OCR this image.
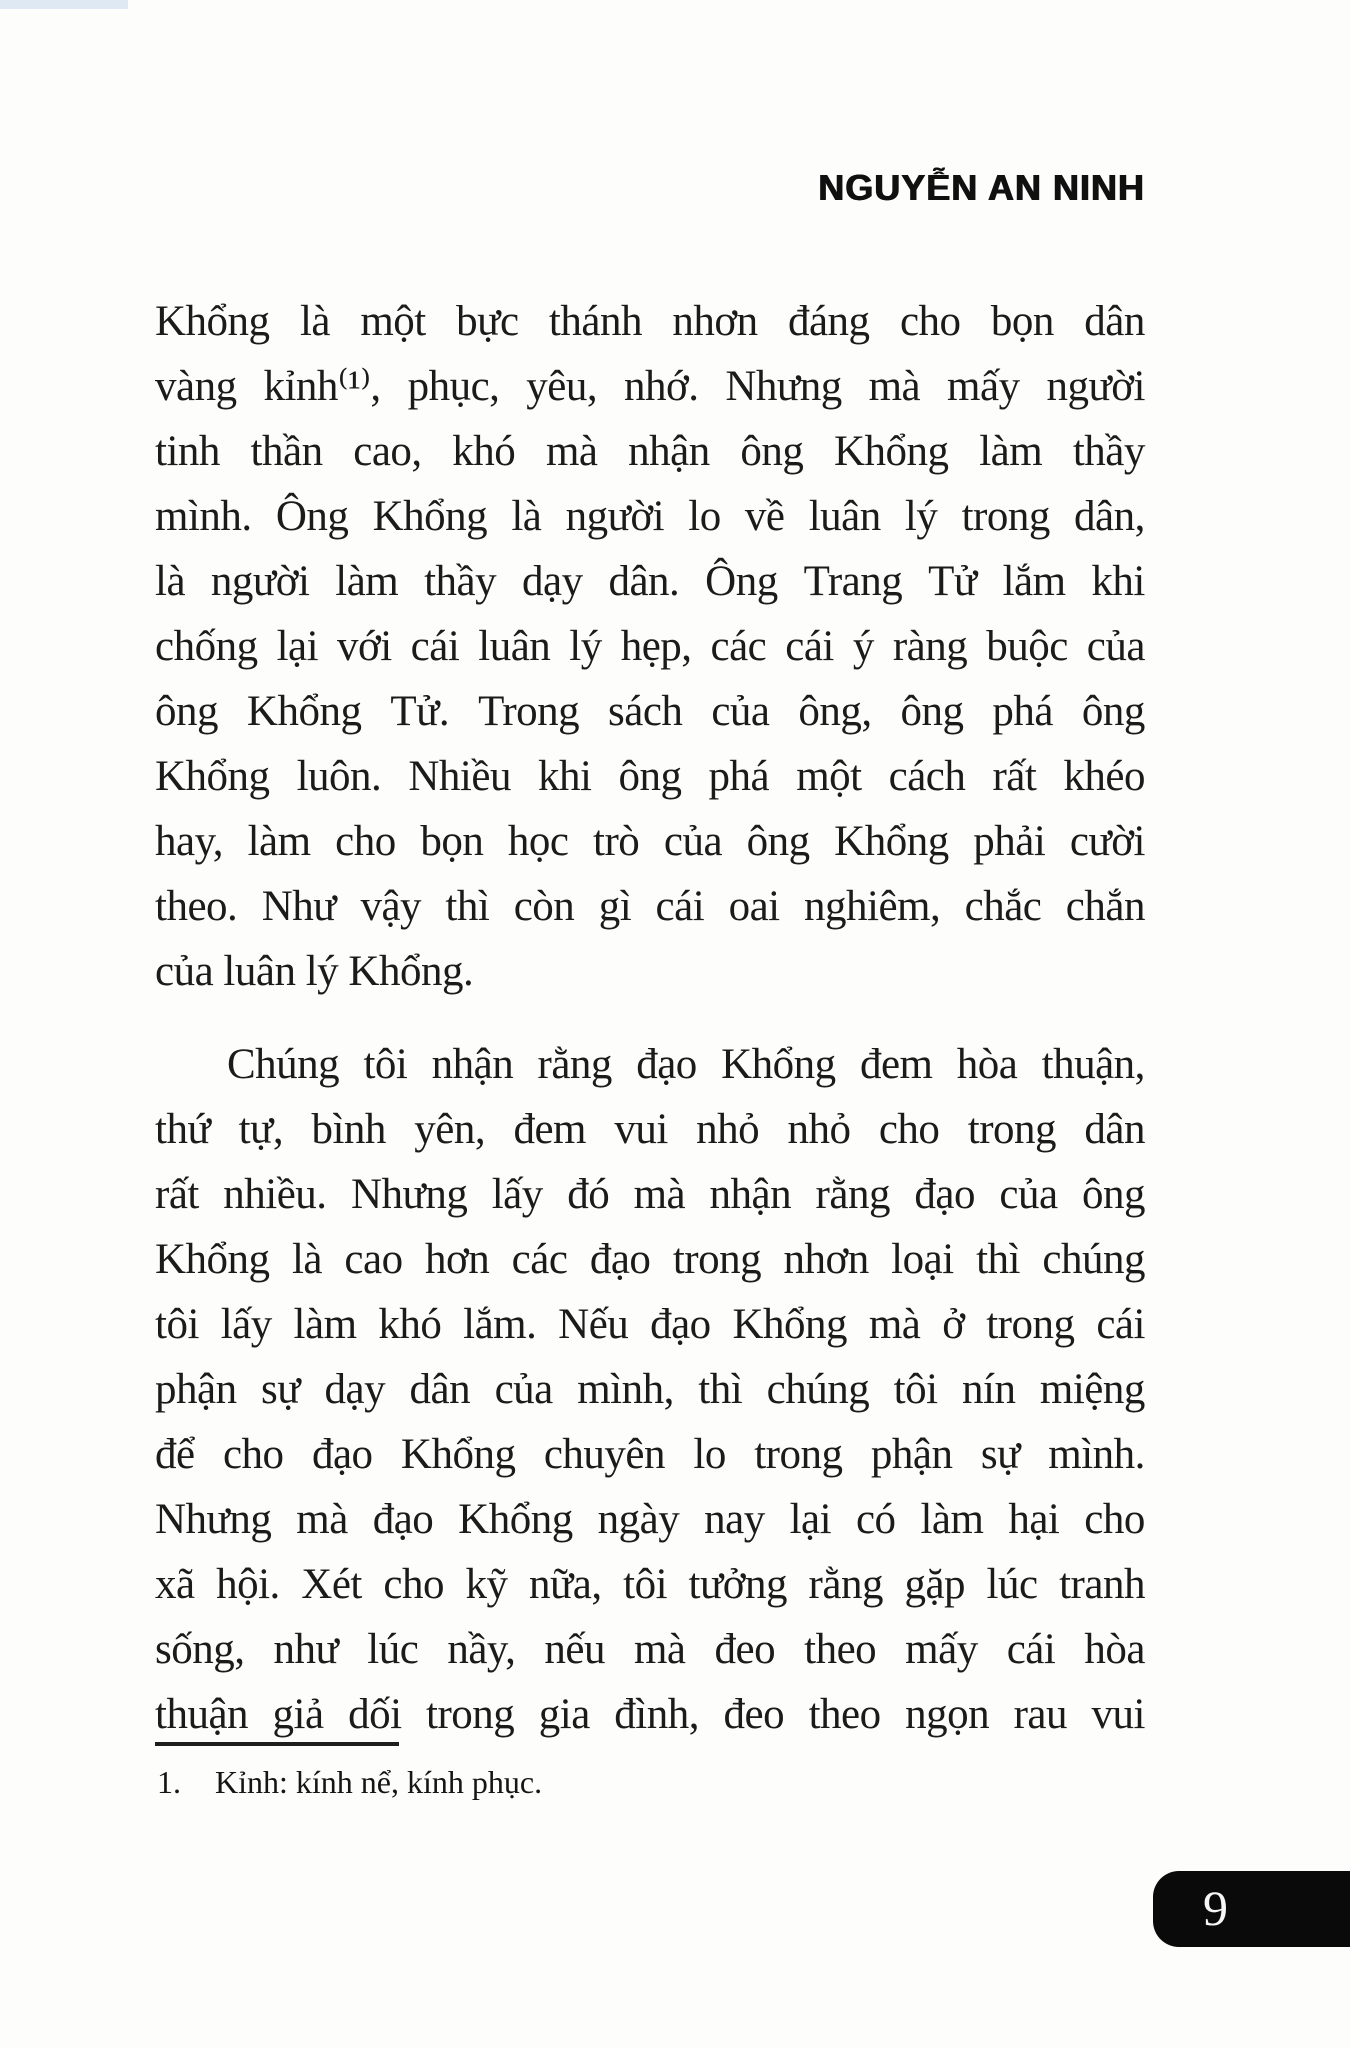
NGUYỄN AN NINH
Khổng là một bực thánh nhơn đáng cho bọn dân
vàng kỉnh⁽¹⁾, phục, yêu, nhớ. Nhưng mà mấy người
tinh thần cao, khó mà nhận ông Khổng làm thầy
mình. Ông Khổng là người lo về luân lý trong dân,
là người làm thầy dạy dân. Ông Trang Tử lắm khi
chống lại với cái luân lý hẹp, các cái ý ràng buộc của
ông Khổng Tử. Trong sách của ông, ông phá ông
Khổng luôn. Nhiều khi ông phá một cách rất khéo
hay, làm cho bọn học trò của ông Khổng phải cười
theo. Như vậy thì còn gì cái oai nghiêm, chắc chắn
của luân lý Khổng.
Chúng tôi nhận rằng đạo Khổng đem hòa thuận,
thứ tự, bình yên, đem vui nhỏ nhỏ cho trong dân
rất nhiều. Nhưng lấy đó mà nhận rằng đạo của ông
Khổng là cao hơn các đạo trong nhơn loại thì chúng
tôi lấy làm khó lắm. Nếu đạo Khổng mà ở trong cái
phận sự dạy dân của mình, thì chúng tôi nín miệng
để cho đạo Khổng chuyên lo trong phận sự mình.
Nhưng mà đạo Khổng ngày nay lại có làm hại cho
xã hội. Xét cho kỹ nữa, tôi tưởng rằng gặp lúc tranh
sống, như lúc nầy, nếu mà đeo theo mấy cái hòa
thuận giả dối trong gia đình, đeo theo ngọn rau vui
1. Kỉnh: kính nể, kính phục.
9
